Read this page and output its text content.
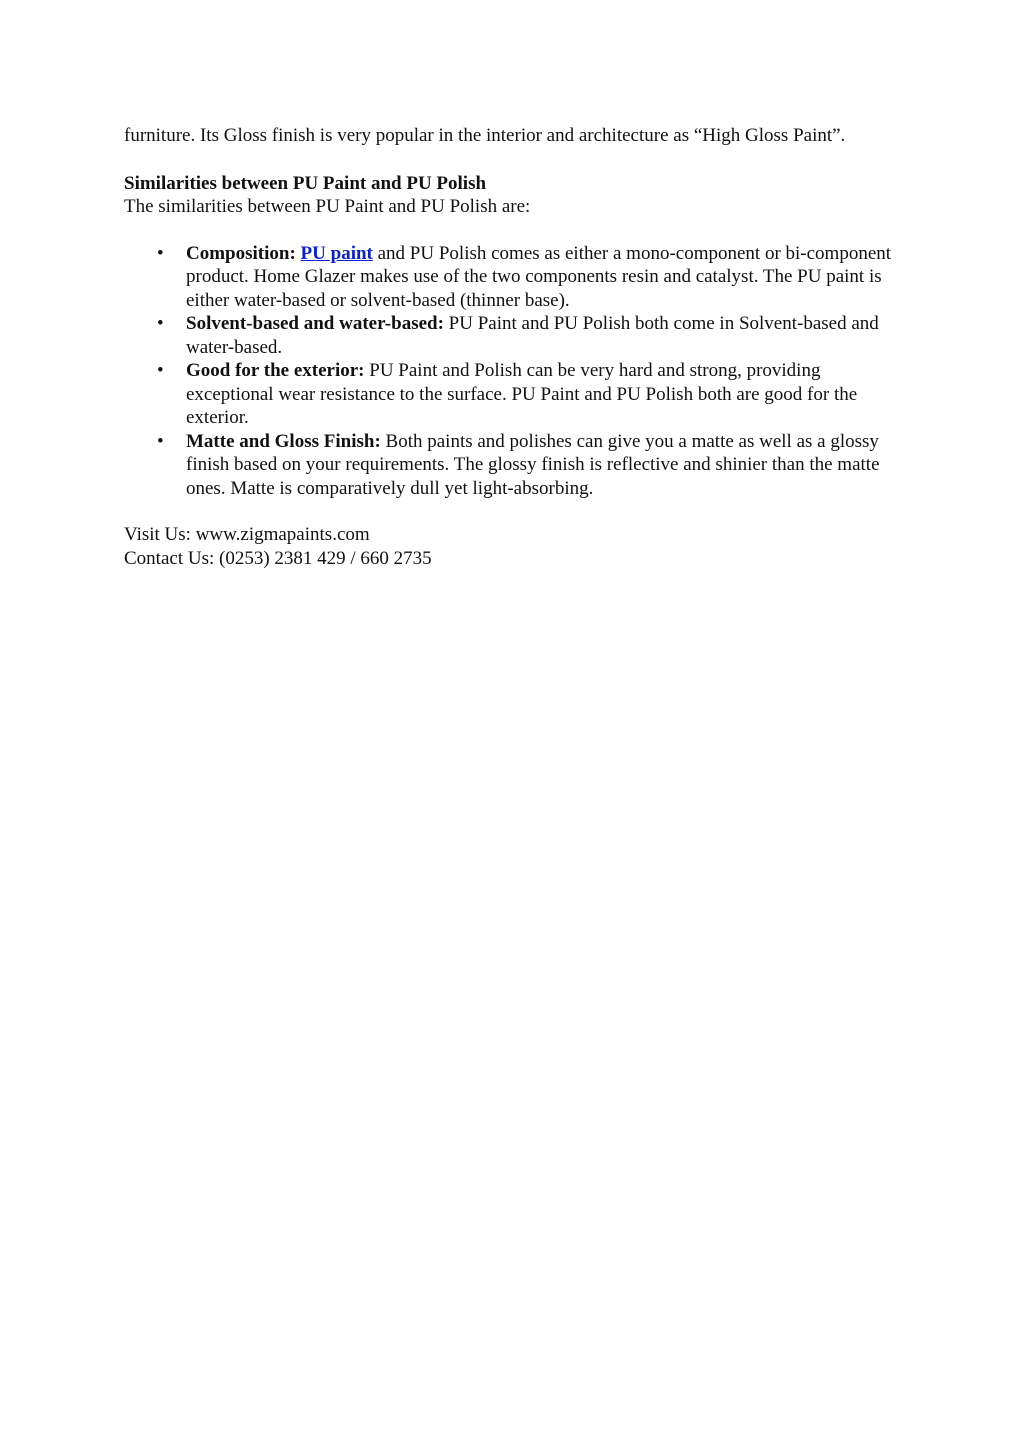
furniture. Its Gloss finish is very popular in the interior and architecture as “High Gloss Paint”.

Similarities between PU Paint and PU Polish

The similarities between PU Paint and PU Polish are:

• Composition: PU paint and PU Polish comes as either a mono-component or bi-component product. Home Glazer makes use of the two components resin and catalyst. The PU paint is either water-based or solvent-based (thinner base).
• Solvent-based and water-based: PU Paint and PU Polish both come in Solvent-based and water-based.
• Good for the exterior: PU Paint and Polish can be very hard and strong, providing exceptional wear resistance to the surface. PU Paint and PU Polish both are good for the exterior.
• Matte and Gloss Finish: Both paints and polishes can give you a matte as well as a glossy finish based on your requirements. The glossy finish is reflective and shinier than the matte ones. Matte is comparatively dull yet light-absorbing.

Visit Us: www.zigmapaints.com

Contact Us: (0253) 2381 429 / 660 2735
